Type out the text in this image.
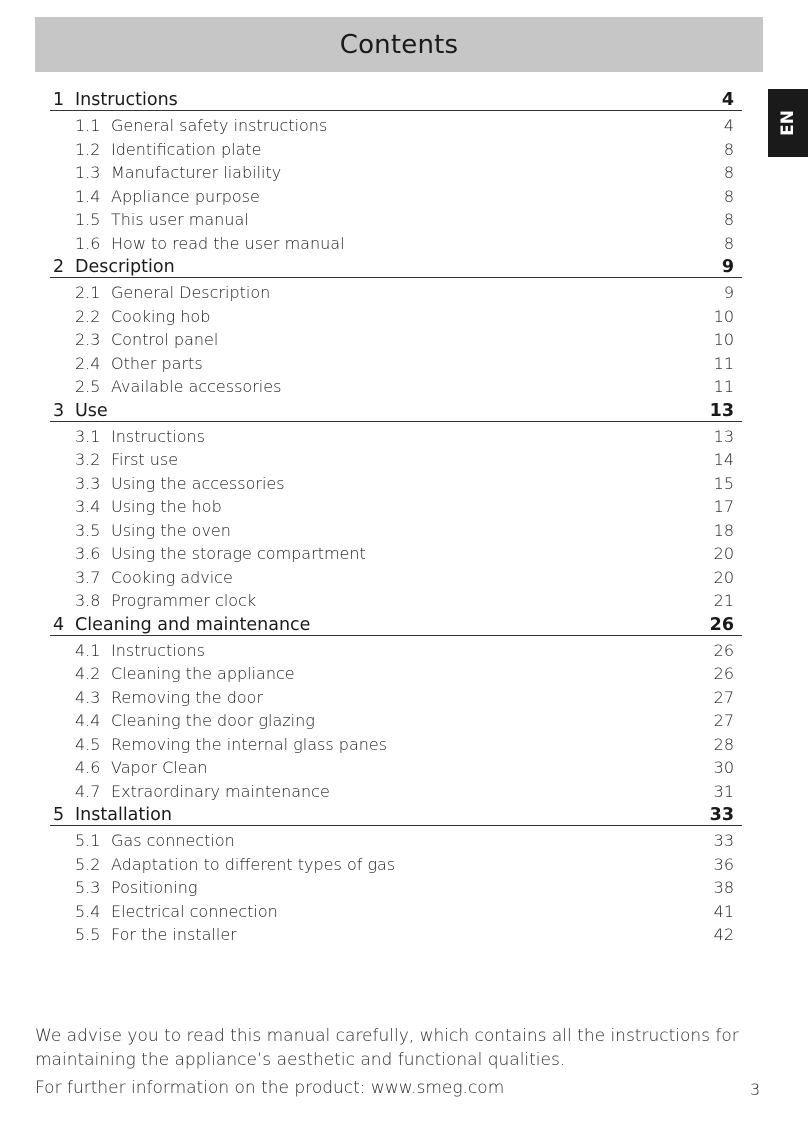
Contents
EN
1 Instructions	4
1.1 General safety instructions	4
1.2 Identification plate	8
1.3 Manufacturer liability	8
1.4 Appliance purpose	8
1.5 This user manual	8
1.6 How to read the user manual	8
2 Description	9
2.1 General Description	9
2.2 Cooking hob	10
2.3 Control panel	10
2.4 Other parts	11
2.5 Available accessories	11
3 Use	13
3.1 Instructions	13
3.2 First use	14
3.3 Using the accessories	15
3.4 Using the hob	17
3.5 Using the oven	18
3.6 Using the storage compartment	20
3.7 Cooking advice	20
3.8 Programmer clock	21
4 Cleaning and maintenance	26
4.1 Instructions	26
4.2 Cleaning the appliance	26
4.3 Removing the door	27
4.4 Cleaning the door glazing	27
4.5 Removing the internal glass panes	28
4.6 Vapor Clean	30
4.7 Extraordinary maintenance	31
5 Installation	33
5.1 Gas connection	33
5.2 Adaptation to different types of gas	36
5.3 Positioning	38
5.4 Electrical connection	41
5.5 For the installer	42

We advise you to read this manual carefully, which contains all the instructions for maintaining the appliance’s aesthetic and functional qualities.

For further information on the product: www.smeg.com	3
